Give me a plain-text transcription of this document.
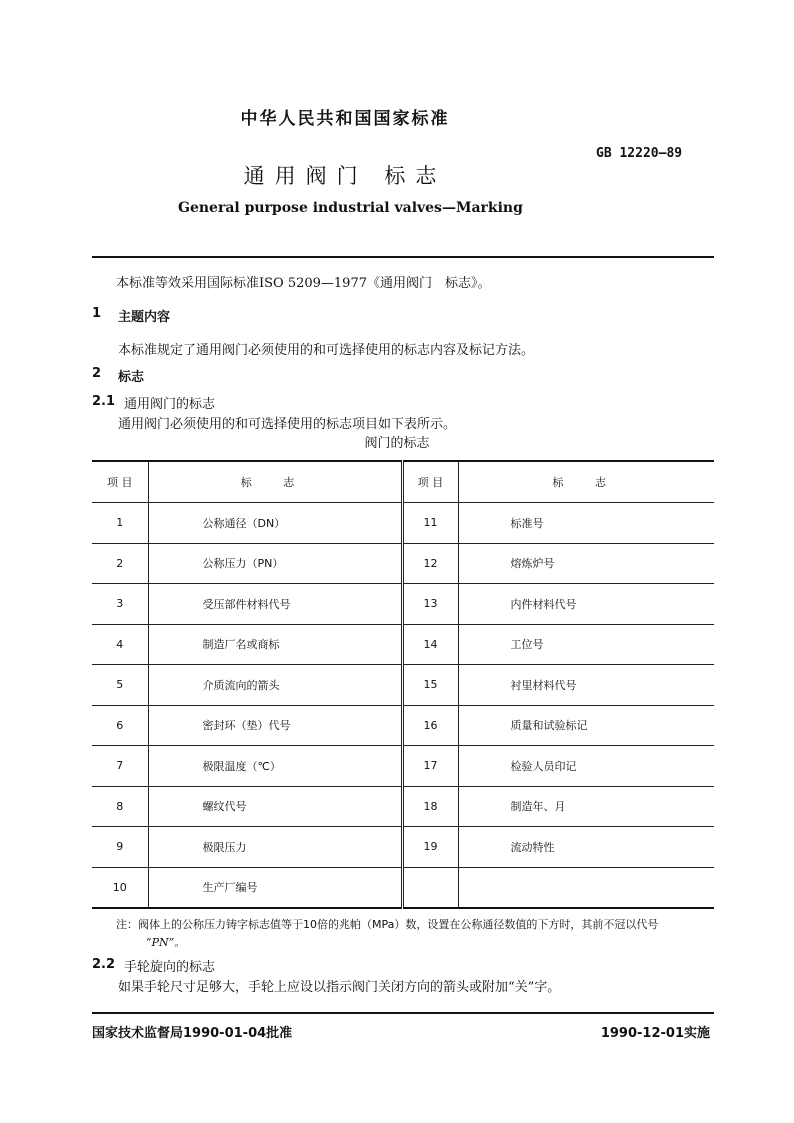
中华人民共和国国家标准
GB 12220—89
通用阀门 标志
General purpose industrial valves—Marking
本标准等效采用国际标准ISO 5209—1977《通用阀门　标志》。
1 主题内容
本标准规定了通用阀门必须使用的和可选择使用的标志内容及标记方法。
2 标志
2.1 通用阀门的标志
通用阀门必须使用的和可选择使用的标志项目如下表所示。
阀门的标志
项 目	标 志	项 目	标 志
1	公称通径（DN）	11	标准号
2	公称压力（PN）	12	熔炼炉号
3	受压部件材料代号	13	内件材料代号
4	制造厂名或商标	14	工位号
5	介质流向的箭头	15	衬里材料代号
6	密封环（垫）代号	16	质量和试验标记
7	极限温度（℃）	17	检验人员印记
8	螺纹代号	18	制造年、月
9	极限压力	19	流动特性
10	生产厂编号		
注：阀体上的公称压力铸字标志值等于10倍的兆帕（MPa）数，设置在公称通径数值的下方时，其前不冠以代号
“PN”。
2.2 手轮旋向的标志
如果手轮尺寸足够大，手轮上应设以指示阀门关闭方向的箭头或附加“关”字。
国家技术监督局1990-01-04批准	1990-12-01实施
